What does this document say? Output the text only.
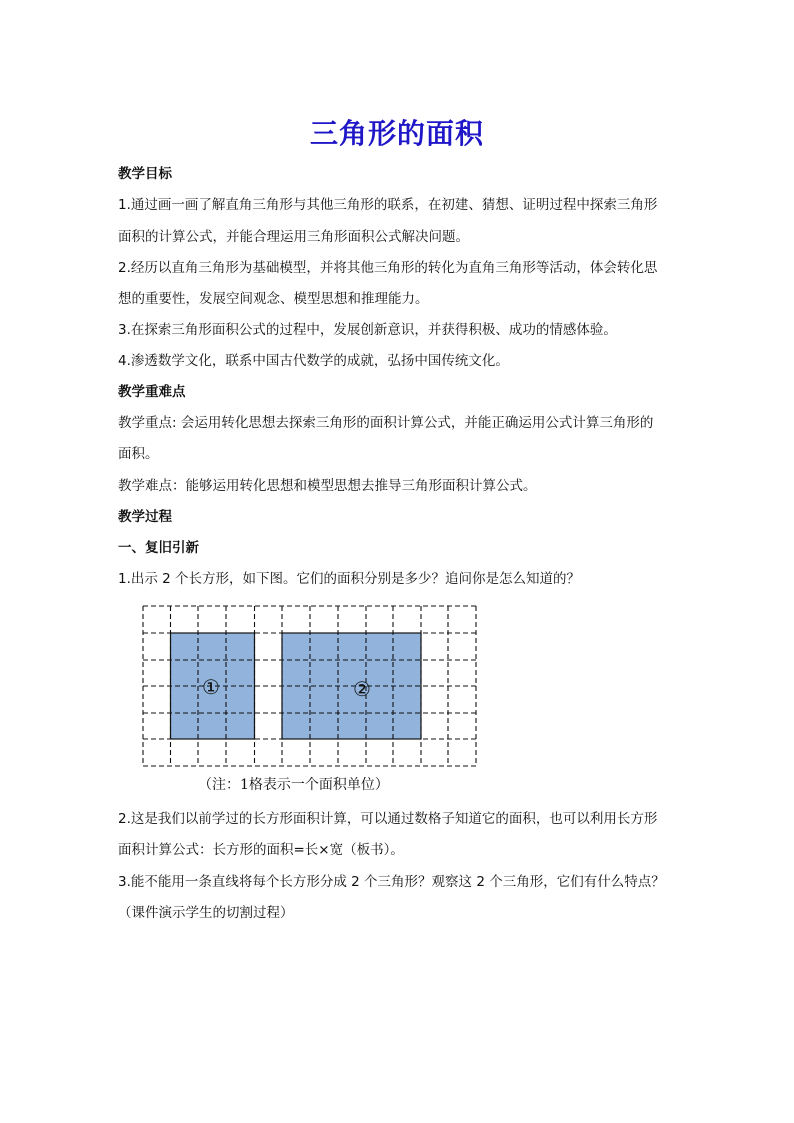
三角形的面积
教学目标
1.通过画一画了解直角三角形与其他三角形的联系，在初建、猜想、证明过程中探索三角形
面积的计算公式，并能合理运用三角形面积公式解决问题。
2.经历以直角三角形为基础模型，并将其他三角形的转化为直角三角形等活动，体会转化思
想的重要性，发展空间观念、模型思想和推理能力。
3.在探索三角形面积公式的过程中，发展创新意识，并获得积极、成功的情感体验。
4.渗透数学文化，联系中国古代数学的成就，弘扬中国传统文化。
教学重难点
教学重点: 会运用转化思想去探索三角形的面积计算公式，并能正确运用公式计算三角形的
面积。
教学难点：能够运用转化思想和模型思想去推导三角形面积计算公式。
教学过程
一、复旧引新
1.出示 2 个长方形，如下图。它们的面积分别是多少？追问你是怎么知道的？
①	②
（注：1格表示一个面积单位）
2.这是我们以前学过的长方形面积计算，可以通过数格子知道它的面积，也可以利用长方形
面积计算公式：长方形的面积=长×宽（板书）。
3.能不能用一条直线将每个长方形分成 2 个三角形？观察这 2 个三角形，它们有什么特点？
（课件演示学生的切割过程）
